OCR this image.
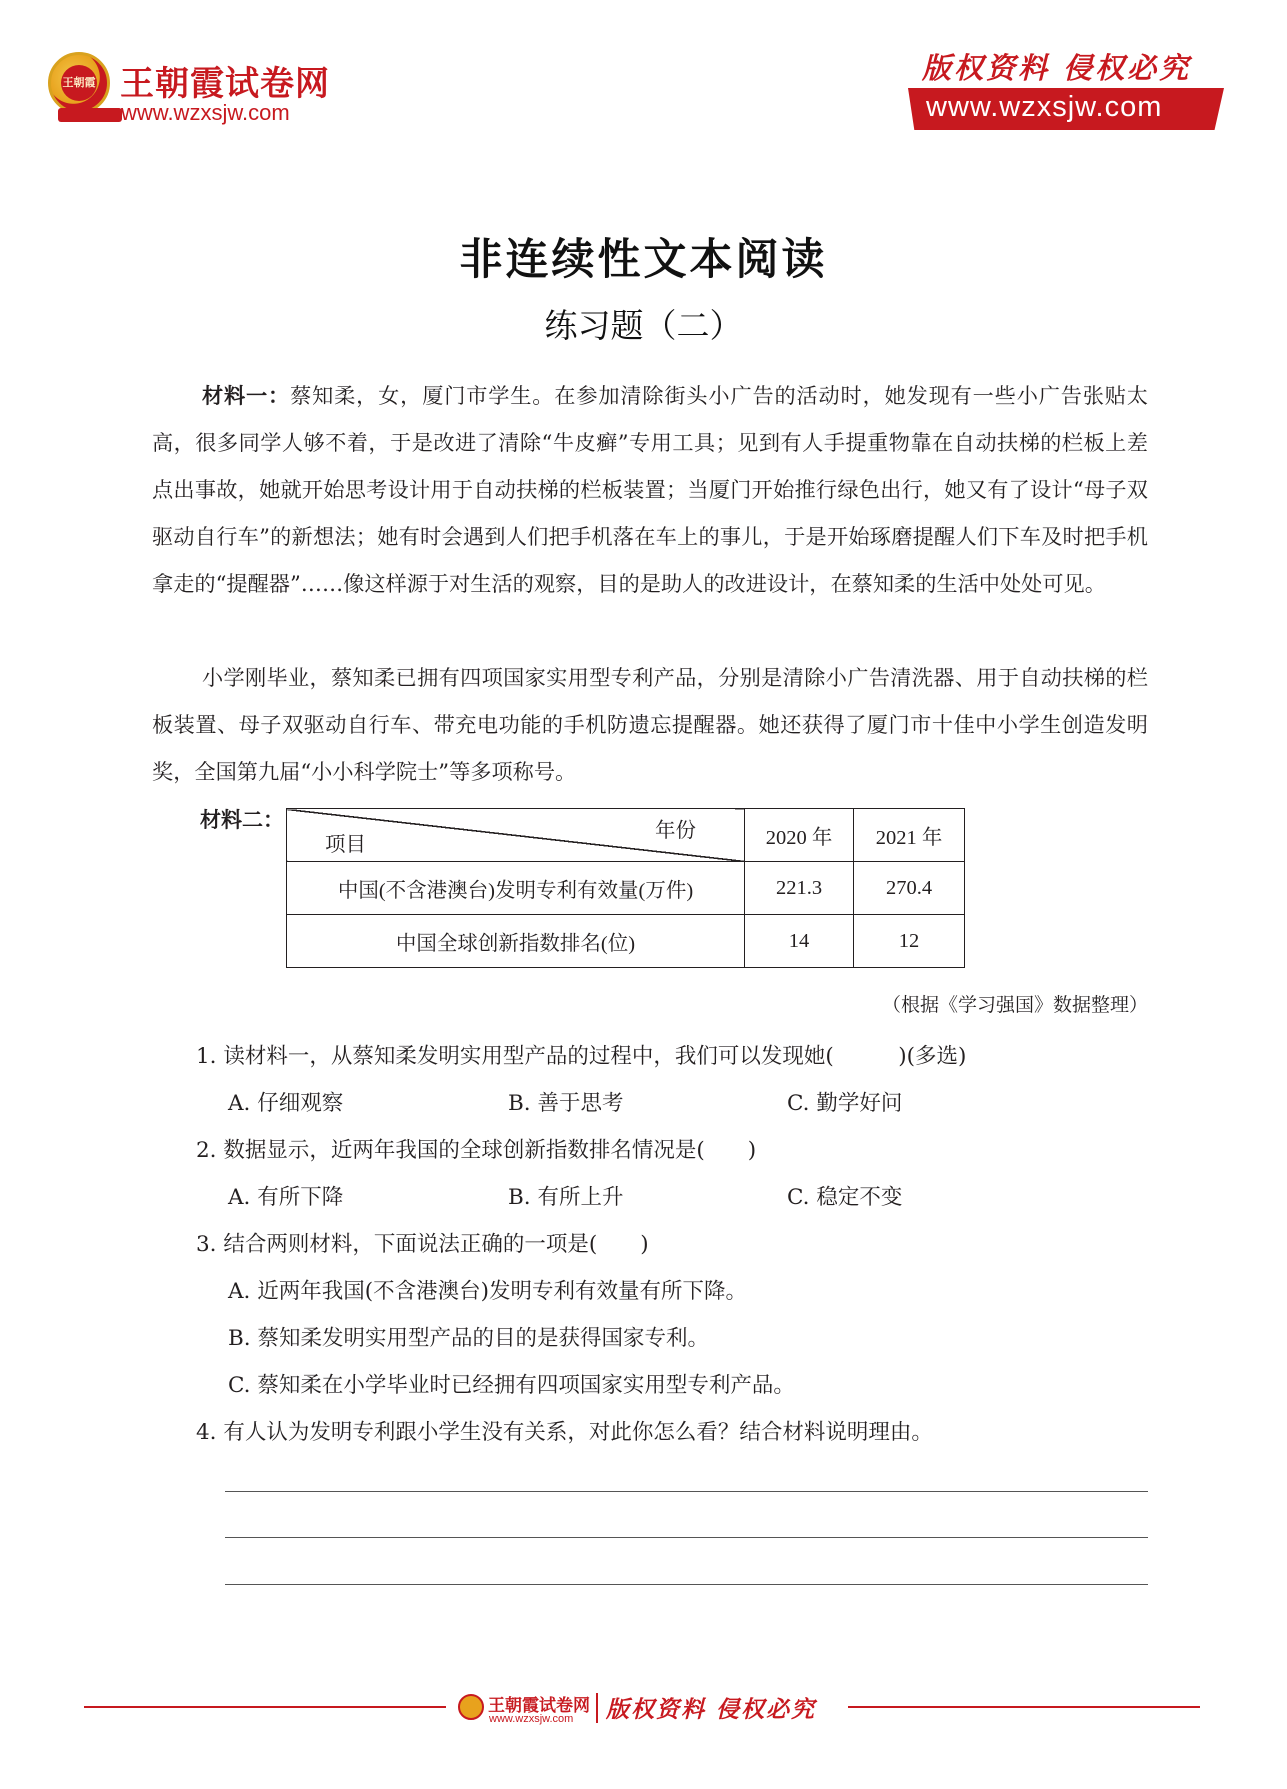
王朝霞 王朝霞试卷网
www.wzxsjw.com
版权资料 侵权必究
www.wzxsjw.com
非连续性文本阅读
练习题（二）
材料一：蔡知柔，女，厦门市学生。在参加清除街头小广告的活动时，她发现有一些小广告张贴太高，很多同学人够不着，于是改进了清除“牛皮癣”专用工具；见到有人手提重物靠在自动扶梯的栏板上差点出事故，她就开始思考设计用于自动扶梯的栏板装置；当厦门开始推行绿色出行，她又有了设计“母子双驱动自行车”的新想法；她有时会遇到人们把手机落在车上的事儿，于是开始琢磨提醒人们下车及时把手机拿走的“提醒器”……像这样源于对生活的观察，目的是助人的改进设计，在蔡知柔的生活中处处可见。
小学刚毕业，蔡知柔已拥有四项国家实用型专利产品，分别是清除小广告清洗器、用于自动扶梯的栏板装置、母子双驱动自行车、带充电功能的手机防遗忘提醒器。她还获得了厦门市十佳中小学生创造发明奖，全国第九届“小小科学院士”等多项称号。
材料二：	年份
项目	2020 年	2021 年
中国(不含港澳台)发明专利有效量(万件)	221.3	270.4
中国全球创新指数排名(位)	14	12
（根据《学习强国》数据整理）
1. 读材料一，从蔡知柔发明实用型产品的过程中，我们可以发现她(　　　)(多选)
A. 仔细观察	B. 善于思考	C. 勤学好问
2. 数据显示，近两年我国的全球创新指数排名情况是(　　)
A. 有所下降	B. 有所上升	C. 稳定不变
3. 结合两则材料，下面说法正确的一项是(　　)
A. 近两年我国(不含港澳台)发明专利有效量有所下降。
B. 蔡知柔发明实用型产品的目的是获得国家专利。
C. 蔡知柔在小学毕业时已经拥有四项国家实用型专利产品。
4. 有人认为发明专利跟小学生没有关系，对此你怎么看？结合材料说明理由。
王朝霞试卷网
www.wzxsjw.com 版权资料 侵权必究
